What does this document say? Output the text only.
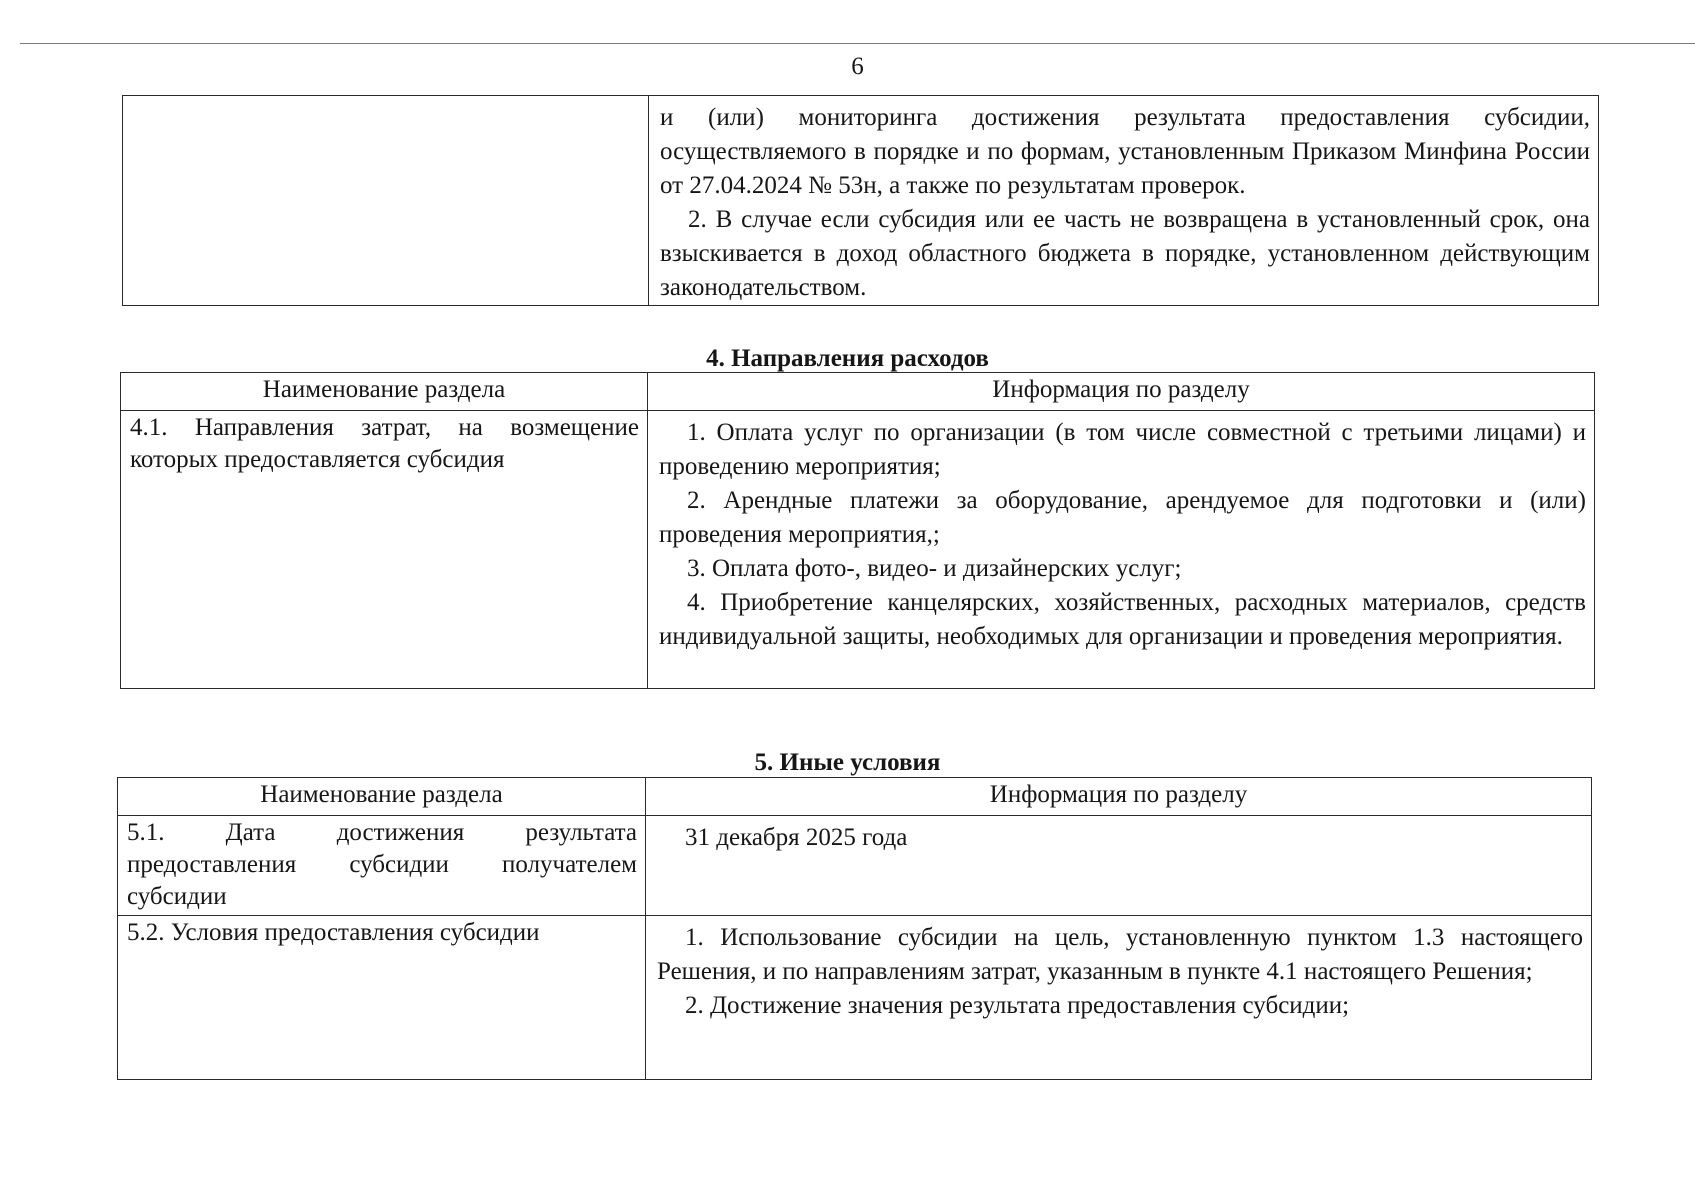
6

и (или) мониторинга достижения результата предоставления субсидии, осуществляемого в порядке и по формам, установленным Приказом Минфина России от 27.04.2024 № 53н, а также по результатам проверок.

2. В случае если субсидия или ее часть не возвращена в установленный срок, она взыскивается в доход областного бюджета в порядке, установленном действующим законодательством.

4. Направления расходов
Наименование раздела	Информация по разделу
4.1. Направления затрат, на возмещение которых предоставляется субсидия	1. Оплата услуг по организации (в том числе совместной с третьими лицами) и проведению мероприятия;

2. Арендные платежи за оборудование, арендуемое для подготовки и (или) проведения мероприятия,;

3. Оплата фото-, видео- и дизайнерских услуг;

4. Приобретение канцелярских, хозяйственных, расходных материалов, средств индивидуальной защиты, необходимых для организации и проведения мероприятия.

5. Иные условия
Наименование раздела	Информация по разделу
5.1. Дата достижения результата предоставления субсидии получателем субсидии	31 декабря 2025 года

5.2. Условия предоставления субсидии	1. Использование субсидии на цель, установленную пунктом 1.3 настоящего Решения, и по направлениям затрат, указанным в пункте 4.1 настоящего Решения;

2. Достижение значения результата предоставления субсидии;
